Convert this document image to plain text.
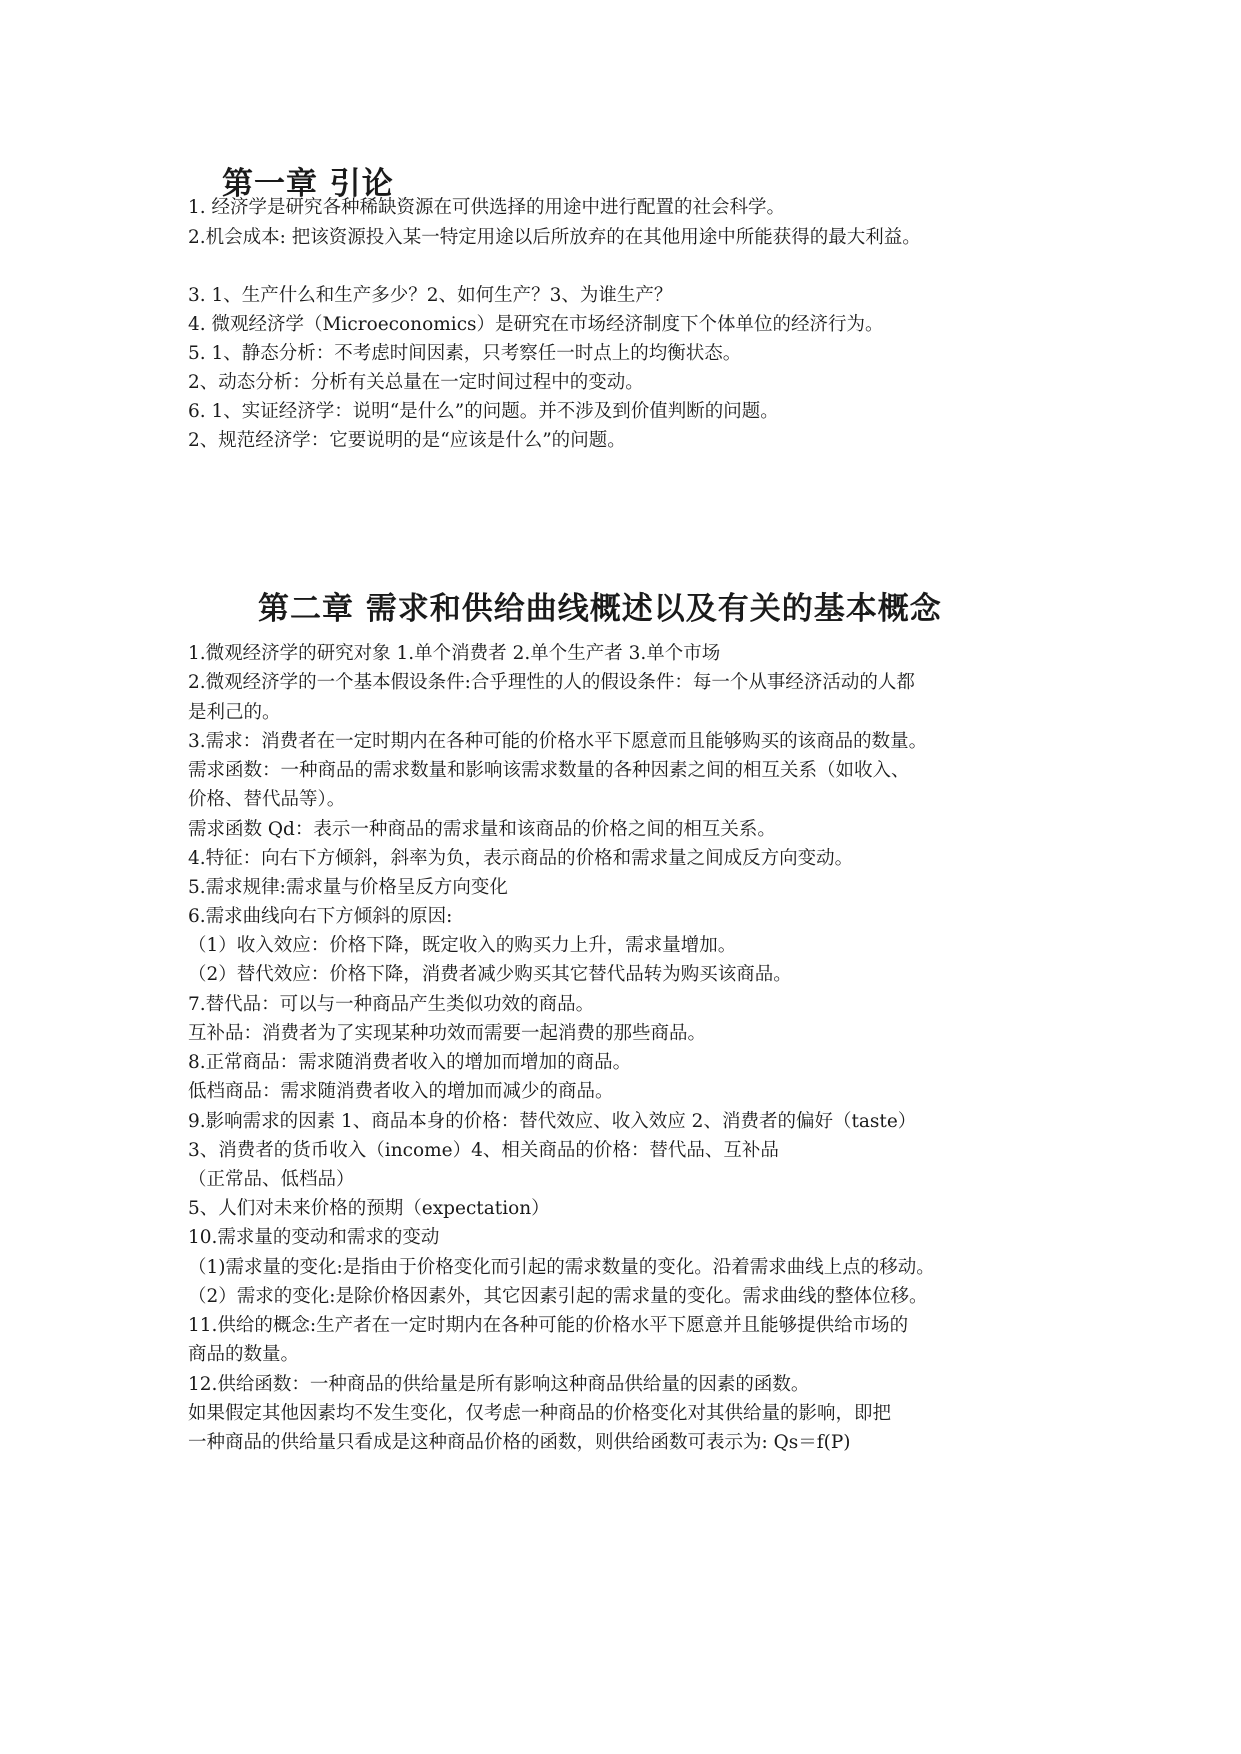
第一章 引论
1. 经济学是研究各种稀缺资源在可供选择的用途中进行配置的社会科学。
2.机会成本: 把该资源投入某一特定用途以后所放弃的在其他用途中所能获得的最大利益。
3. 1、生产什么和生产多少？2、如何生产？3、为谁生产？
4. 微观经济学（Microeconomics）是研究在市场经济制度下个体单位的经济行为。
5. 1、静态分析：不考虑时间因素，只考察任一时点上的均衡状态。
2、动态分析：分析有关总量在一定时间过程中的变动。
6. 1、实证经济学：说明“是什么”的问题。并不涉及到价值判断的问题。
2、规范经济学：它要说明的是“应该是什么”的问题。
第二章 需求和供给曲线概述以及有关的基本概念
1.微观经济学的研究对象 1.单个消费者 2.单个生产者 3.单个市场
2.微观经济学的一个基本假设条件:合乎理性的人的假设条件：每一个从事经济活动的人都
是利己的。
3.需求：消费者在一定时期内在各种可能的价格水平下愿意而且能够购买的该商品的数量。
需求函数：一种商品的需求数量和影响该需求数量的各种因素之间的相互关系（如收入、
价格、替代品等）。
需求函数 Qd：表示一种商品的需求量和该商品的价格之间的相互关系。
4.特征：向右下方倾斜，斜率为负，表示商品的价格和需求量之间成反方向变动。
5.需求规律:需求量与价格呈反方向变化
6.需求曲线向右下方倾斜的原因:
（1）收入效应：价格下降，既定收入的购买力上升，需求量增加。
（2）替代效应：价格下降，消费者减少购买其它替代品转为购买该商品。
7.替代品：可以与一种商品产生类似功效的商品。
互补品：消费者为了实现某种功效而需要一起消费的那些商品。
8.正常商品：需求随消费者收入的增加而增加的商品。
低档商品：需求随消费者收入的增加而减少的商品。
9.影响需求的因素 1、商品本身的价格：替代效应、收入效应 2、消费者的偏好（taste）
3、消费者的货币收入（income）4、相关商品的价格：替代品、互补品
（正常品、低档品）
5、人们对未来价格的预期（expectation）
10.需求量的变动和需求的变动
（1)需求量的变化:是指由于价格变化而引起的需求数量的变化。沿着需求曲线上点的移动。
（2）需求的变化:是除价格因素外，其它因素引起的需求量的变化。需求曲线的整体位移。
11.供给的概念:生产者在一定时期内在各种可能的价格水平下愿意并且能够提供给市场的
商品的数量。
12.供给函数：一种商品的供给量是所有影响这种商品供给量的因素的函数。
如果假定其他因素均不发生变化，仅考虑一种商品的价格变化对其供给量的影响，即把
一种商品的供给量只看成是这种商品价格的函数，则供给函数可表示为: Qs＝f(P)
